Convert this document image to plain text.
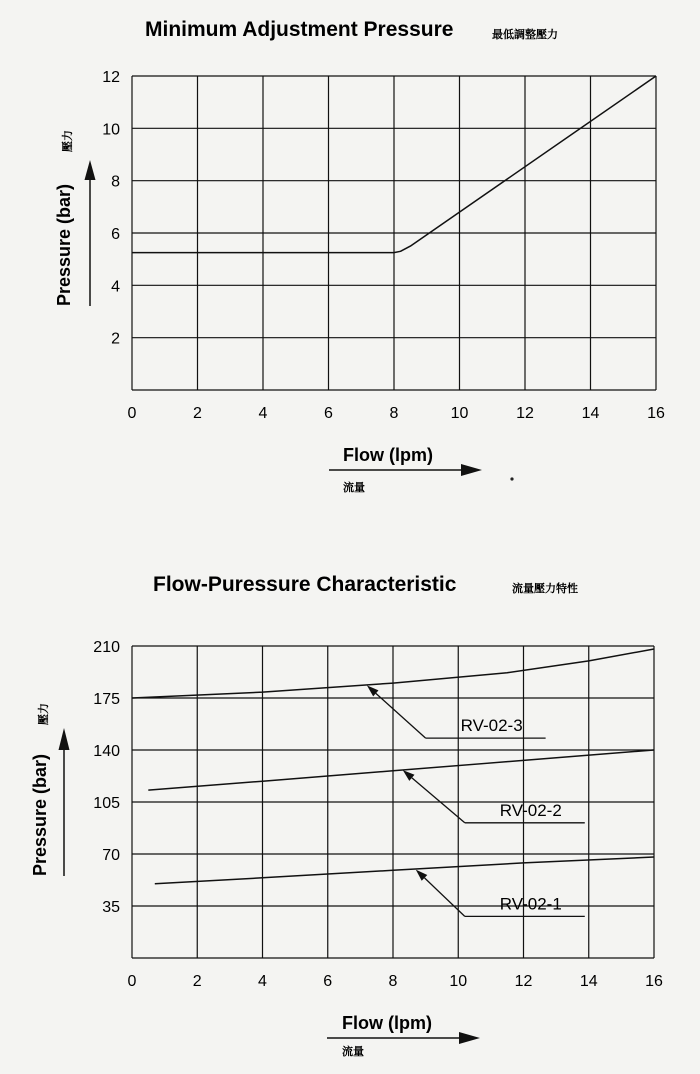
Minimum Adjustment Pressure	最低調整壓力
0	2	4	6	8	10	12	14	16
2
4
6
8
10
12
Pressure (bar)
壓力
Flow (lpm)
流量
Flow-Puressure Characteristic	流量壓力特性
0	2	4	6	8	10	12	14	16
35
70
105
140
175
210
RV-02-3
RV-02-2
RV-02-1
Pressure (bar)
壓力
Flow (lpm)
流量
